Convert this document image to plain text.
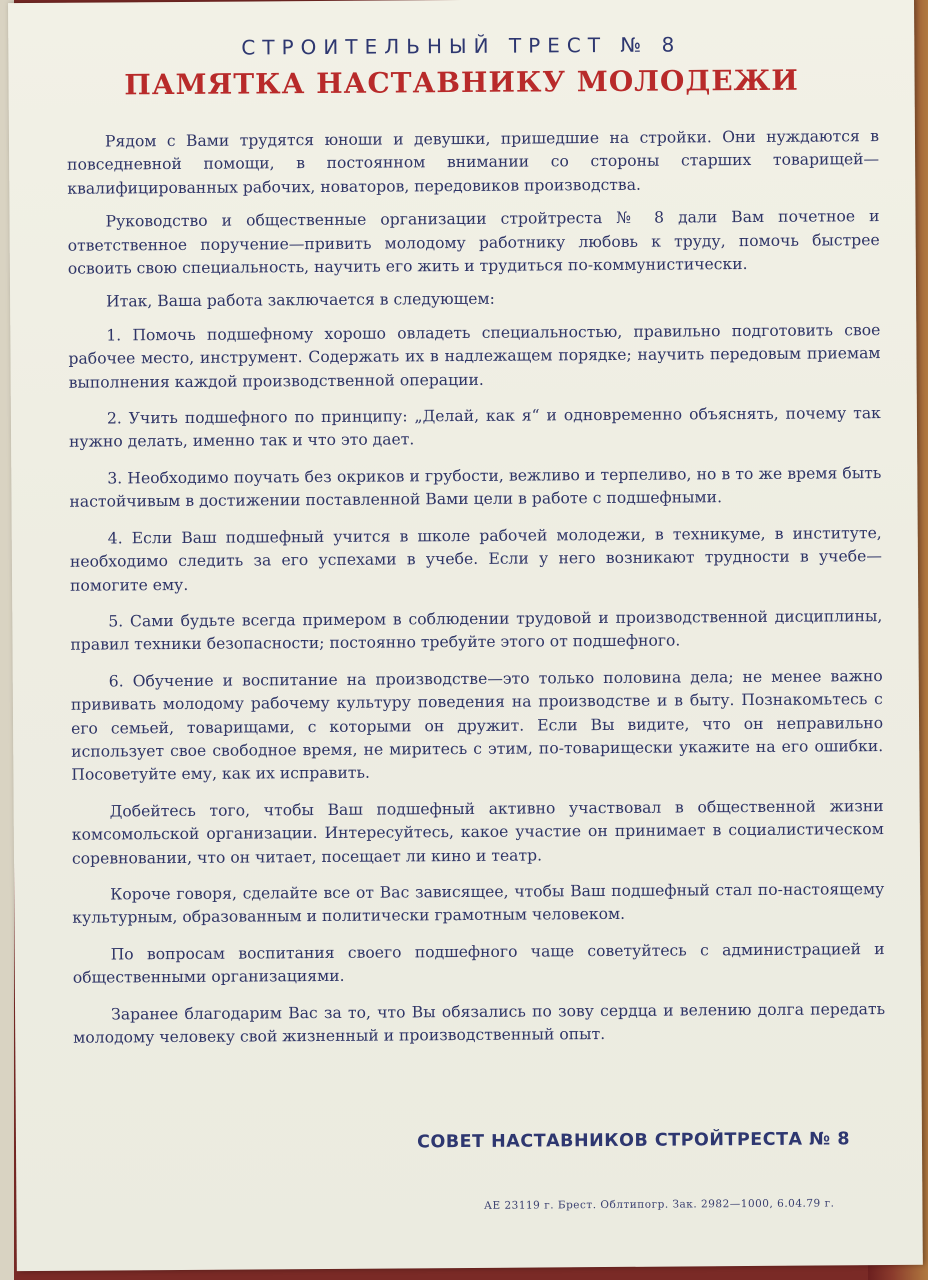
СТРОИТЕЛЬНЫЙ ТРЕСТ № 8
ПАМЯТКА НАСТАВНИКУ МОЛОДЕЖИ

Рядом с Вами трудятся юноши и девушки, пришедшие на стройки. Они нуждаются в повседневной помощи, в постоянном внимании со стороны старших товарищей—квалифицированных рабочих, новаторов, передовиков производства.

Руководство и общественные организации стройтреста № 8 дали Вам почетное и ответственное поручение—привить молодому работнику любовь к труду, помочь быстрее освоить свою специальность, научить его жить и трудиться по-коммунистически.

Итак, Ваша работа заключается в следующем:

1. Помочь подшефному хорошо овладеть специальностью, правильно подготовить свое рабочее место, инструмент. Содержать их в надлежащем порядке; научить передовым приемам выполнения каждой производственной операции.

2. Учить подшефного по принципу: „Делай, как я“ и одновременно объяснять, почему так нужно делать, именно так и что это дает.

3. Необходимо поучать без окриков и грубости, вежливо и терпеливо, но в то же время быть настойчивым в достижении поставленной Вами цели в работе с подшефными.

4. Если Ваш подшефный учится в школе рабочей молодежи, в техникуме, в институте, необходимо следить за его успехами в учебе. Если у него возникают трудности в учебе—помогите ему.

5. Сами будьте всегда примером в соблюдении трудовой и производственной дисциплины, правил техники безопасности; постоянно требуйте этого от подшефного.

6. Обучение и воспитание на производстве—это только половина дела; не менее важно прививать молодому рабочему культуру поведения на производстве и в быту. Познакомьтесь с его семьей, товарищами, с которыми он дружит. Если Вы видите, что он неправильно использует свое свободное время, не миритесь с этим, по-товарищески укажите на его ошибки. Посоветуйте ему, как их исправить.

Добейтесь того, чтобы Ваш подшефный активно участвовал в общественной жизни комсомольской организации. Интересуйтесь, какое участие он принимает в социалистическом соревновании, что он читает, посещает ли кино и театр.

Короче говоря, сделайте все от Вас зависящее, чтобы Ваш подшефный стал по-настоящему культурным, образованным и политически грамотным человеком.

По вопросам воспитания своего подшефного чаще советуйтесь с администрацией и общественными организациями.

Заранее благодарим Вас за то, что Вы обязались по зову сердца и велению долга передать молодому человеку свой жизненный и производственный опыт.

СОВЕТ НАСТАВНИКОВ СТРОЙТРЕСТА № 8
АЕ 23119 г. Брест. Облтипогр. Зак. 2982—1000, 6.04.79 г.
